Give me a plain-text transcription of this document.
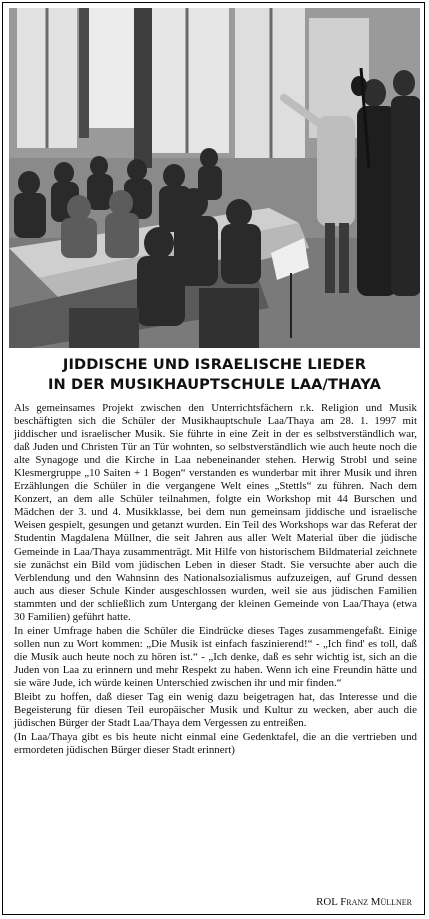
JIDDISCHE UND ISRAELISCHE LIEDER
IN DER MUSIKHAUPTSCHULE LAA/THAYA

Als gemeinsames Projekt zwischen den Unterrichtsfächern r.k. Religion und Musik beschäftigten sich die Schüler der Musikhauptschule Laa/Thaya am 28. 1. 1997 mit jiddischer und israelischer Musik. Sie führte in eine Zeit in der es selbstverständlich war, daß Juden und Christen Tür an Tür wohnten, so selbstverständlich wie auch heute noch die alte Synagoge und die Kirche in Laa nebeneinander stehen. Herwig Strobl und seine Klesmergruppe „10 Saiten + 1 Bogen“ verstanden es wunderbar mit ihrer Musik und ihren Erzählungen die Schüler in die vergangene Welt eines „Stettls“ zu führen. Nach dem Konzert, an dem alle Schüler teilnahmen, folgte ein Workshop mit 44 Burschen und Mädchen der 3. und 4. Musikklasse, bei dem nun gemeinsam jiddische und israelische Weisen gespielt, gesungen und getanzt wurden. Ein Teil des Workshops war das Referat der Studentin Magdalena Müllner, die seit Jahren aus aller Welt Material über die jüdische Gemeinde in Laa/Thaya zusammenträgt. Mit Hilfe von historischem Bildmaterial zeichnete sie zunächst ein Bild vom jüdischen Leben in dieser Stadt. Sie versuchte aber auch die Verblendung und den Wahnsinn des Nationalsozialismus aufzuzeigen, auf Grund dessen auch aus dieser Schule Kinder ausgeschlossen wurden, weil sie aus jüdischen Familien stammten und der schließlich zum Untergang der kleinen Gemeinde von Laa/Thaya (etwa 30 Familien) geführt hatte.

In einer Umfrage haben die Schüler die Eindrücke dieses Tages zusammengefaßt. Einige sollen nun zu Wort kommen: „Die Musik ist einfach faszinierend!“ - „Ich find' es toll, daß die Musik auch heute noch zu hören ist.“ - „Ich denke, daß es sehr wichtig ist, sich an die Juden von Laa zu erinnern und mehr Respekt zu haben. Wenn ich eine Freundin hätte und sie wäre Jude, ich würde keinen Unterschied zwischen ihr und mir finden.“

Bleibt zu hoffen, daß dieser Tag ein wenig dazu beigetragen hat, das Interesse und die Begeisterung für diesen Teil europäischer Musik und Kultur zu wecken, aber auch die jüdischen Bürger der Stadt Laa/Thaya dem Vergessen zu entreißen.

(In Laa/Thaya gibt es bis heute nicht einmal eine Gedenktafel, die an die vertrieben und ermordeten jüdischen Bürger dieser Stadt erinnert)

ROL Franz Müllner
